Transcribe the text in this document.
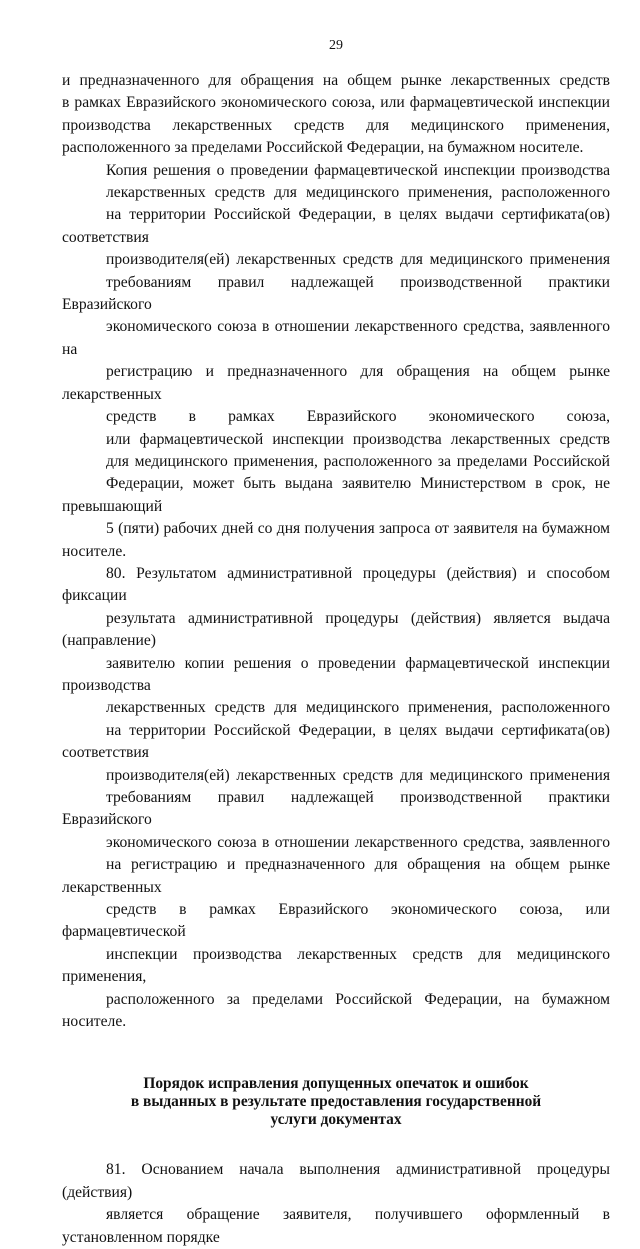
29
и предназначенного для обращения на общем рынке лекарственных средств
в рамках Евразийского экономического союза, или фармацевтической инспекции
производства лекарственных средств для медицинского применения,
расположенного за пределами Российской Федерации, на бумажном носителе.
Копия решения о проведении фармацевтической инспекции производства
лекарственных средств для медицинского применения, расположенного
на территории Российской Федерации, в целях выдачи сертификата(ов) соответствия
производителя(ей) лекарственных средств для медицинского применения
требованиям правил надлежащей производственной практики Евразийского
экономического союза в отношении лекарственного средства, заявленного на
регистрацию и предназначенного для обращения на общем рынке лекарственных
средств в рамках Евразийского экономического союза,
или фармацевтической инспекции производства лекарственных средств
для медицинского применения, расположенного за пределами Российской
Федерации, может быть выдана заявителю Министерством в срок, не превышающий
5 (пяти) рабочих дней со дня получения запроса от заявителя на бумажном носителе.
80. Результатом административной процедуры (действия) и способом фиксации
результата административной процедуры (действия) является выдача (направление)
заявителю копии решения о проведении фармацевтической инспекции производства
лекарственных средств для медицинского применения, расположенного
на территории Российской Федерации, в целях выдачи сертификата(ов) соответствия
производителя(ей) лекарственных средств для медицинского применения
требованиям правил надлежащей производственной практики Евразийского
экономического союза в отношении лекарственного средства, заявленного
на регистрацию и предназначенного для обращения на общем рынке лекарственных
средств в рамках Евразийского экономического союза, или фармацевтической
инспекции производства лекарственных средств для медицинского применения,
расположенного за пределами Российской Федерации, на бумажном носителе.
Порядок исправления допущенных опечаток и ошибок
в выданных в результате предоставления государственной
услуги документах
81. Основанием начала выполнения административной процедуры (действия)
является обращение заявителя, получившего оформленный в установленном порядке
